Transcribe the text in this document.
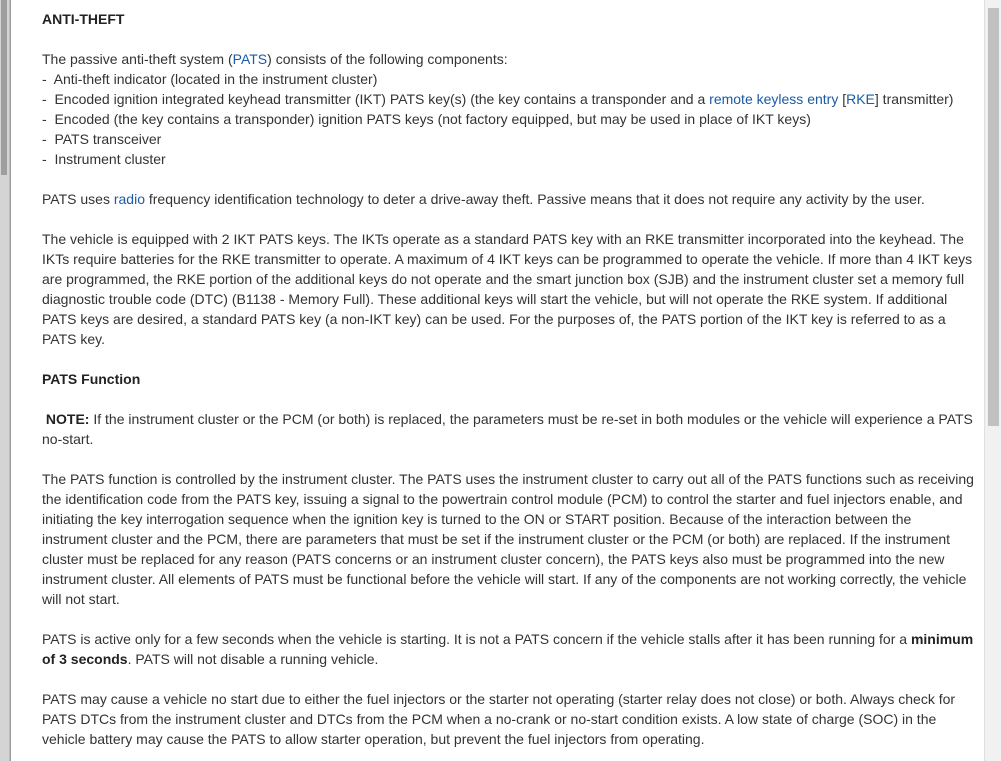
ANTI-THEFT

The passive anti-theft system (PATS) consists of the following components:

-  Anti-theft indicator (located in the instrument cluster)

-  Encoded ignition integrated keyhead transmitter (IKT) PATS key(s) (the key contains a transponder and a remote keyless entry [RKE] transmitter)

-  Encoded (the key contains a transponder) ignition PATS keys (not factory equipped, but may be used in place of IKT keys)

-  PATS transceiver

-  Instrument cluster

PATS uses radio frequency identification technology to deter a drive-away theft. Passive means that it does not require any activity by the user.

The vehicle is equipped with 2 IKT PATS keys. The IKTs operate as a standard PATS key with an RKE transmitter incorporated into the keyhead. The IKTs require batteries for the RKE transmitter to operate. A maximum of 4 IKT keys can be programmed to operate the vehicle. If more than 4 IKT keys are programmed, the RKE portion of the additional keys do not operate and the smart junction box (SJB) and the instrument cluster set a memory full diagnostic trouble code (DTC) (B1138 - Memory Full). These additional keys will start the vehicle, but will not operate the RKE system. If additional PATS keys are desired, a standard PATS key (a non-IKT key) can be used. For the purposes of, the PATS portion of the IKT key is referred to as a PATS key.

PATS Function

NOTE: If the instrument cluster or the PCM (or both) is replaced, the parameters must be re-set in both modules or the vehicle will experience a PATS no-start.

The PATS function is controlled by the instrument cluster. The PATS uses the instrument cluster to carry out all of the PATS functions such as receiving the identification code from the PATS key, issuing a signal to the powertrain control module (PCM) to control the starter and fuel injectors enable, and initiating the key interrogation sequence when the ignition key is turned to the ON or START position. Because of the interaction between the instrument cluster and the PCM, there are parameters that must be set if the instrument cluster or the PCM (or both) are replaced. If the instrument cluster must be replaced for any reason (PATS concerns or an instrument cluster concern), the PATS keys also must be programmed into the new instrument cluster. All elements of PATS must be functional before the vehicle will start. If any of the components are not working correctly, the vehicle will not start.

PATS is active only for a few seconds when the vehicle is starting. It is not a PATS concern if the vehicle stalls after it has been running for a minimum of 3 seconds. PATS will not disable a running vehicle.

PATS may cause a vehicle no start due to either the fuel injectors or the starter not operating (starter relay does not close) or both. Always check for PATS DTCs from the instrument cluster and DTCs from the PCM when a no-crank or no-start condition exists. A low state of charge (SOC) in the vehicle battery may cause the PATS to allow starter operation, but prevent the fuel injectors from operating.
